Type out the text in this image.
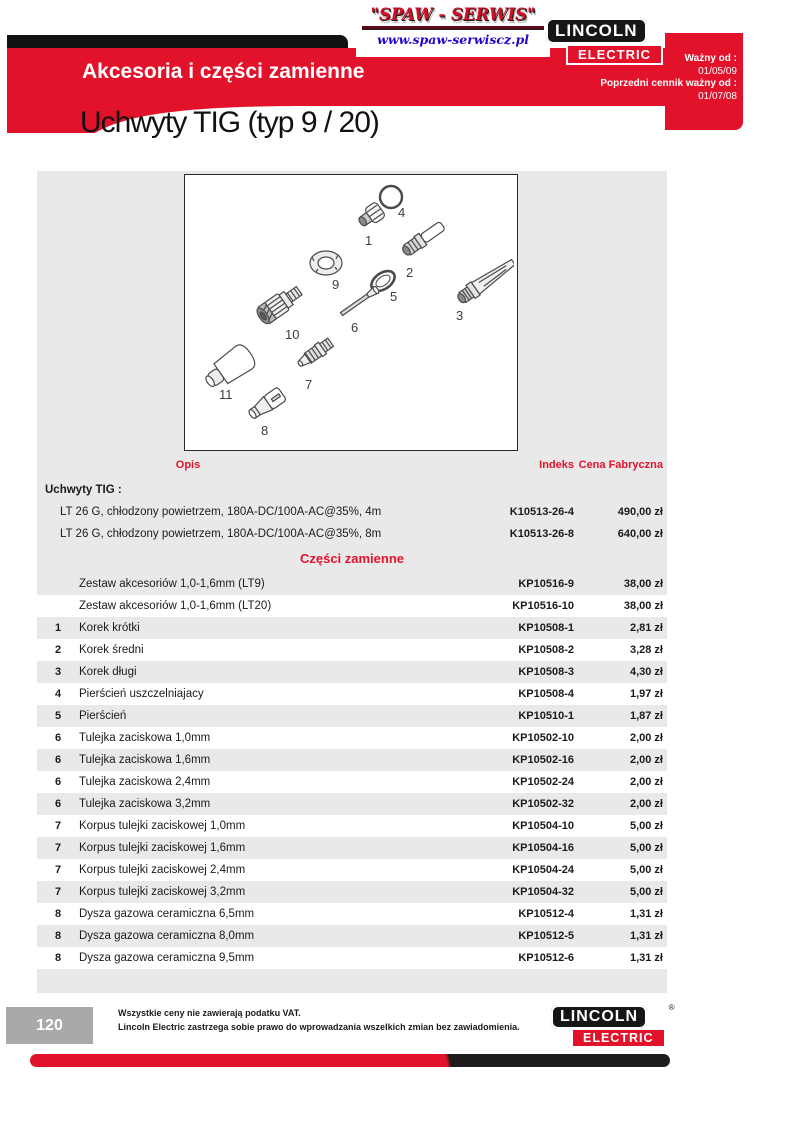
Akcesoria i części zamienne
Ważny od :
01/05/09
Poprzedni cennik ważny od :
01/07/08
Uchwyty TIG (typ 9 / 20)
"SPAW - SERWIS"
www.spaw-serwiscz.pl	LINCOLN
®

ELECTRIC
1
2
3
4
5
6
7
8
9
10
11
Opis	Indeks Cena Fabryczna
Uchwyty TIG :
LT 26 G, chłodzony powietrzem, 180A-DC/100A-AC@35%, 4m	K10513-26-4	490,00 zł
LT 26 G, chłodzony powietrzem, 180A-DC/100A-AC@35%, 8m	K10513-26-8	640,00 zł
Części zamienne
Zestaw akcesoriów 1,0-1,6mm (LT9)	KP10516-9	38,00 zł
Zestaw akcesoriów 1,0-1,6mm (LT20)	KP10516-10	38,00 zł
1	Korek krótki	KP10508-1	2,81 zł
2	Korek średni	KP10508-2	3,28 zł
3	Korek długi	KP10508-3	4,30 zł
4	Pierścień uszczelniajacy	KP10508-4	1,97 zł
5	Pierścień	KP10510-1	1,87 zł
6	Tulejka zaciskowa 1,0mm	KP10502-10	2,00 zł
6	Tulejka zaciskowa 1,6mm	KP10502-16	2,00 zł
6	Tulejka zaciskowa 2,4mm	KP10502-24	2,00 zł
6	Tulejka zaciskowa 3,2mm	KP10502-32	2,00 zł
7	Korpus tulejki zaciskowej 1,0mm	KP10504-10	5,00 zł
7	Korpus tulejki zaciskowej 1,6mm	KP10504-16	5,00 zł
7	Korpus tulejki zaciskowej 2,4mm	KP10504-24	5,00 zł
7	Korpus tulejki zaciskowej 3,2mm	KP10504-32	5,00 zł
8	Dysza gazowa ceramiczna 6,5mm	KP10512-4	1,31 zł
8	Dysza gazowa ceramiczna 8,0mm	KP10512-5	1,31 zł
8	Dysza gazowa ceramiczna 9,5mm	KP10512-6	1,31 zł
120
Wszystkie ceny nie zawierają podatku VAT.
Lincoln Electric zastrzega sobie prawo do wprowadzania wszelkich zmian bez zawiadomienia.
LINCOLN
®

ELECTRIC
